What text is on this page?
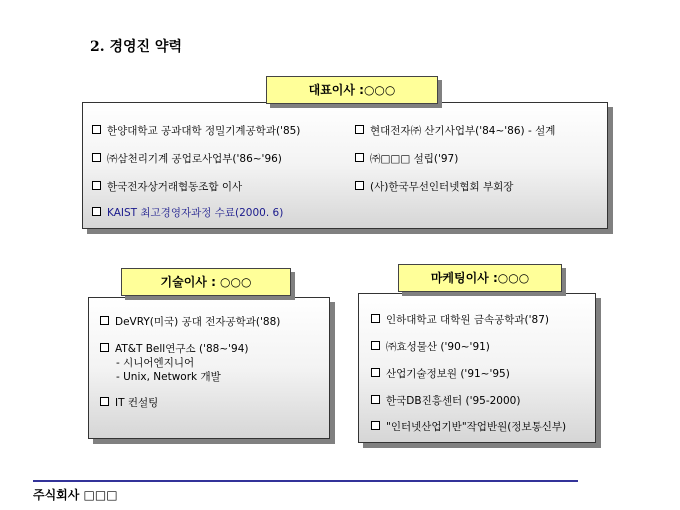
2. 경영진 약력
대표이사 :○○○
한양대학교 공과대학 정밀기계공학과('85)
㈜삼천리기계 공업로사업부('86~'96)
한국전자상거래협동조합 이사
KAIST 최고경영자과정 수료(2000. 6)
현대전자㈜ 산기사업부('84~'86) - 설계
㈜□□□ 설립('97)
(사)한국무선인터넷협회 부회장
기술이사 : ○○○
DeVRY(미국) 공대 전자공학과('88)
AT&T Bell연구소 ('88~'94)
- 시니어엔지니어
- Unix, Network 개발
IT 컨설팅
마케팅이사 :○○○
인하대학교 대학원 금속공학과('87)
㈜효성물산 ('90~'91)
산업기술정보원 ('91~'95)
한국DB진흥센터 ('95-2000)
"인터넷산업기반"작업반원(정보통신부)
주식회사 □□□
